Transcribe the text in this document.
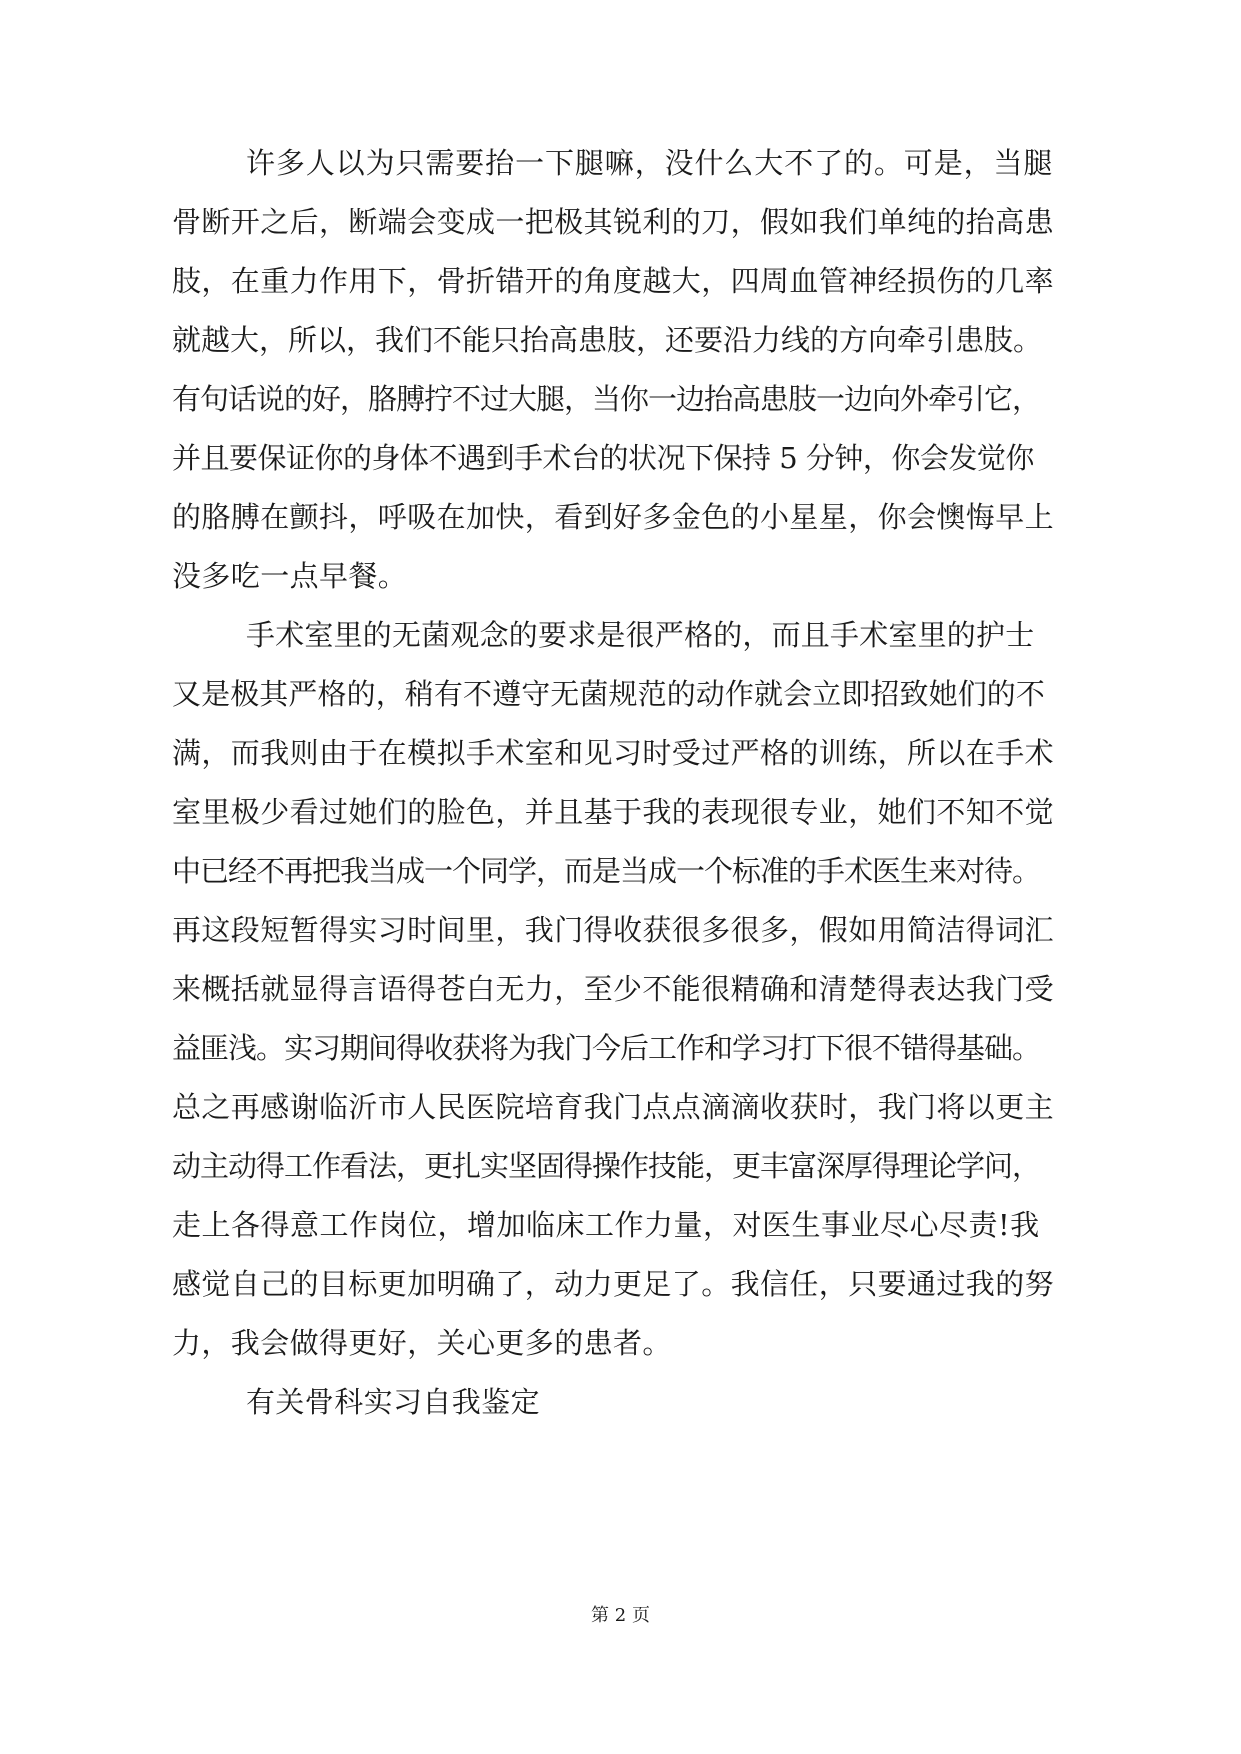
许多人以为只需要抬一下腿嘛，没什么大不了的。可是，当腿
骨断开之后，断端会变成一把极其锐利的刀，假如我们单纯的抬高患
肢，在重力作用下，骨折错开的角度越大，四周血管神经损伤的几率
就越大，所以，我们不能只抬高患肢，还要沿力线的方向牵引患肢。
有句话说的好，胳膊拧不过大腿，当你一边抬高患肢一边向外牵引它，
并且要保证你的身体不遇到手术台的状况下保持 5 分钟，你会发觉你
的胳膊在颤抖，呼吸在加快，看到好多金色的小星星，你会懊悔早上
没多吃一点早餐。
手术室里的无菌观念的要求是很严格的，而且手术室里的护士
又是极其严格的，稍有不遵守无菌规范的动作就会立即招致她们的不
满，而我则由于在模拟手术室和见习时受过严格的训练，所以在手术
室里极少看过她们的脸色，并且基于我的表现很专业，她们不知不觉
中已经不再把我当成一个同学，而是当成一个标准的手术医生来对待。
再这段短暂得实习时间里，我门得收获很多很多，假如用简洁得词汇
来概括就显得言语得苍白无力，至少不能很精确和清楚得表达我门受
益匪浅。实习期间得收获将为我门今后工作和学习打下很不错得基础。
总之再感谢临沂市人民医院培育我门点点滴滴收获时，我门将以更主
动主动得工作看法，更扎实坚固得操作技能，更丰富深厚得理论学问，
走上各得意工作岗位，增加临床工作力量，对医生事业尽心尽责!我
感觉自己的目标更加明确了，动力更足了。我信任，只要通过我的努
力，我会做得更好，关心更多的患者。
有关骨科实习自我鉴定
第 2 页
